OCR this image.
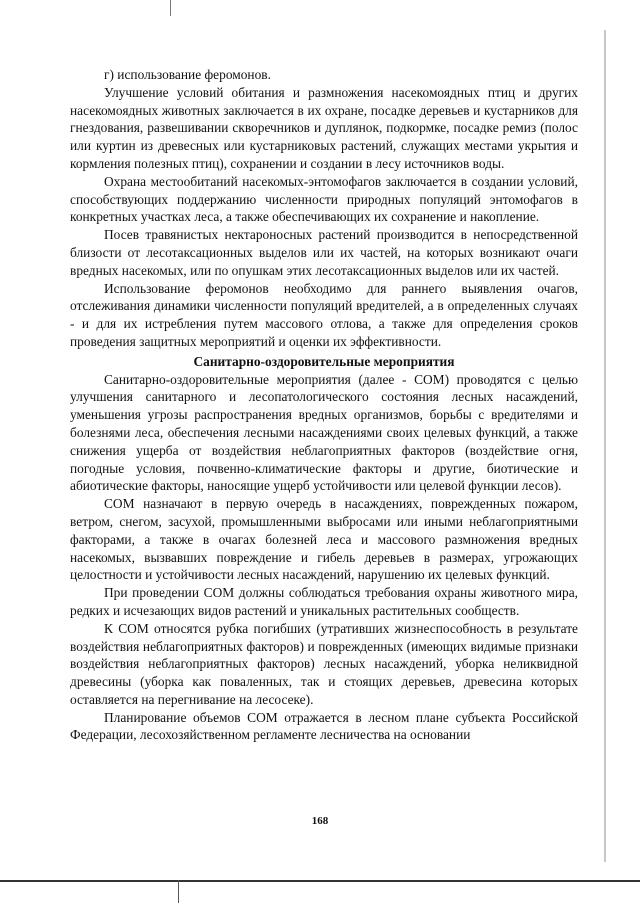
г) использование феромонов.

Улучшение условий обитания и размножения насекомоядных птиц и других насекомоядных животных заключается в их охране, посадке деревьев и кустарников для гнездования, развешивании скворечников и дуплянок, подкормке, посадке ремиз (полос или куртин из древесных или кустарниковых растений, служащих местами укрытия и кормления полезных птиц), сохранении и создании в лесу источников воды.

Охрана местообитаний насекомых-энтомофагов заключается в создании условий, способствующих поддержанию численности природных популяций энтомофагов в конкретных участках леса, а также обеспечивающих их сохранение и накопление.

Посев травянистых нектароносных растений производится в непосредственной близости от лесотаксационных выделов или их частей, на которых возникают очаги вредных насекомых, или по опушкам этих лесотаксационных выделов или их частей.

Использование феромонов необходимо для раннего выявления очагов, отслеживания динамики численности популяций вредителей, а в определенных случаях - и для их истребления путем массового отлова, а также для определения сроков проведения защитных мероприятий и оценки их эффективности.

Санитарно-оздоровительные мероприятия

Санитарно-оздоровительные мероприятия (далее - СОМ) проводятся с целью улучшения санитарного и лесопатологического состояния лесных насаждений, уменьшения угрозы распространения вредных организмов, борьбы с вредителями и болезнями леса, обеспечения лесными насаждениями своих целевых функций, а также снижения ущерба от воздействия неблагоприятных факторов (воздействие огня, погодные условия, почвенно-климатические факторы и другие, биотические и абиотические факторы, наносящие ущерб устойчивости или целевой функции лесов).

СОМ назначают в первую очередь в насаждениях, поврежденных пожаром, ветром, снегом, засухой, промышленными выбросами или иными неблагоприятными факторами, а также в очагах болезней леса и массового размножения вредных насекомых, вызвавших повреждение и гибель деревьев в размерах, угрожающих целостности и устойчивости лесных насаждений, нарушению их целевых функций.

При проведении СОМ должны соблюдаться требования охраны животного мира, редких и исчезающих видов растений и уникальных растительных сообществ.

К СОМ относятся рубка погибших (утративших жизнеспособность в результате воздействия неблагоприятных факторов) и поврежденных (имеющих видимые признаки воздействия неблагоприятных факторов) лесных насаждений, уборка неликвидной древесины (уборка как поваленных, так и стоящих деревьев, древесина которых оставляется на перегнивание на лесосеке).

Планирование объемов СОМ отражается в лесном плане субъекта Российской Федерации, лесохозяйственном регламенте лесничества на основании

168
